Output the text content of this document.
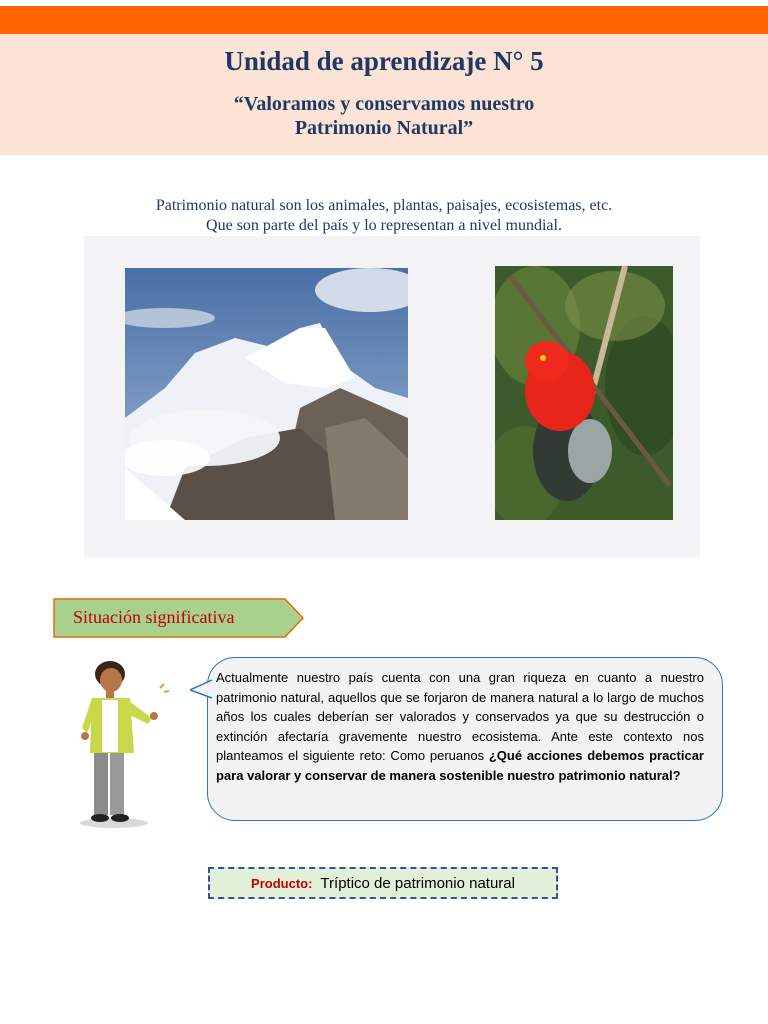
Unidad de aprendizaje N° 5
“Valoramos y conservamos nuestro
Patrimonio Natural”
Patrimonio natural son los animales, plantas, paisajes, ecosistemas, etc.
Que son parte del país y lo representan a nivel mundial.
Situación significativa
Actualmente nuestro país cuenta con una gran riqueza en cuanto a nuestro patrimonio natural, aquellos que se forjaron de manera natural a lo largo de muchos años los cuales deberían ser valorados y conservados ya que su destrucción o extinción afectaría gravemente nuestro ecosistema. Ante este contexto nos planteamos el siguiente reto: Como peruanos ¿Qué acciones debemos practicar para valorar y conservar de manera sostenible nuestro patrimonio natural?
Producto: Tríptico de patrimonio natural
